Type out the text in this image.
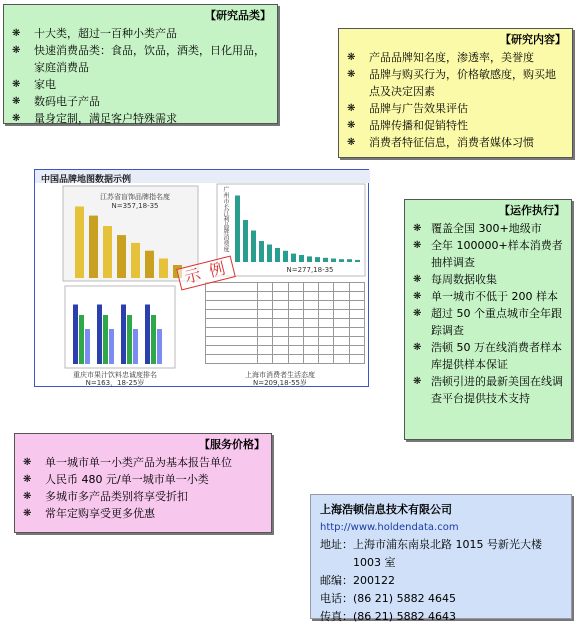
【研究品类】
❋ 十大类，超过一百种小类产品
❋ 快速消费品类：食品，饮品，酒类，日化用品，家庭消费品
❋ 家电
❋ 数码电子产品
❋ 量身定制，满足客户特殊需求
【研究内容】
❋ 产品品牌知名度，渗透率，美誉度
❋ 品牌与购买行为，价格敏感度，购买地点及决定因素
❋ 品牌与广告效果评估
❋ 品牌传播和促销特性
❋ 消费者特征信息，消费者媒体习惯
中国品牌地图数据示例
江苏省盲饰品牌指名度
N=357,18-35	广州市长江利品牌消费度
N=277,18-35
重庆市果汁饮料忠诚度排名
N=163，18-25岁

上海市消费者生活态度
N=209,18-55岁
示 例
【运作执行】
❋ 覆盖全国 300+地级市
❋ 全年 100000+样本消费者抽样调查
❋ 每周数据收集
❋ 单一城市不低于 200 样本
❋ 超过 50 个重点城市全年跟踪调查
❋ 浩顿 50 万在线消费者样本库提供样本保证
❋ 浩顿引进的最新美国在线调查平台提供技术支持
【服务价格】
❋ 单一城市单一小类产品为基本报告单位
❋ 人民币 480 元/单一城市单一小类
❋ 多城市多产品类别将享受折扣
❋ 常年定购享受更多优惠	上海浩顿信息技术有限公司
http://www.holdendata.com
地址： 上海市浦东南泉北路 1015 号新光大楼 1003 室
邮编： 200122
电话： (86 21) 5882 4645
传真： (86 21) 5882 4643
